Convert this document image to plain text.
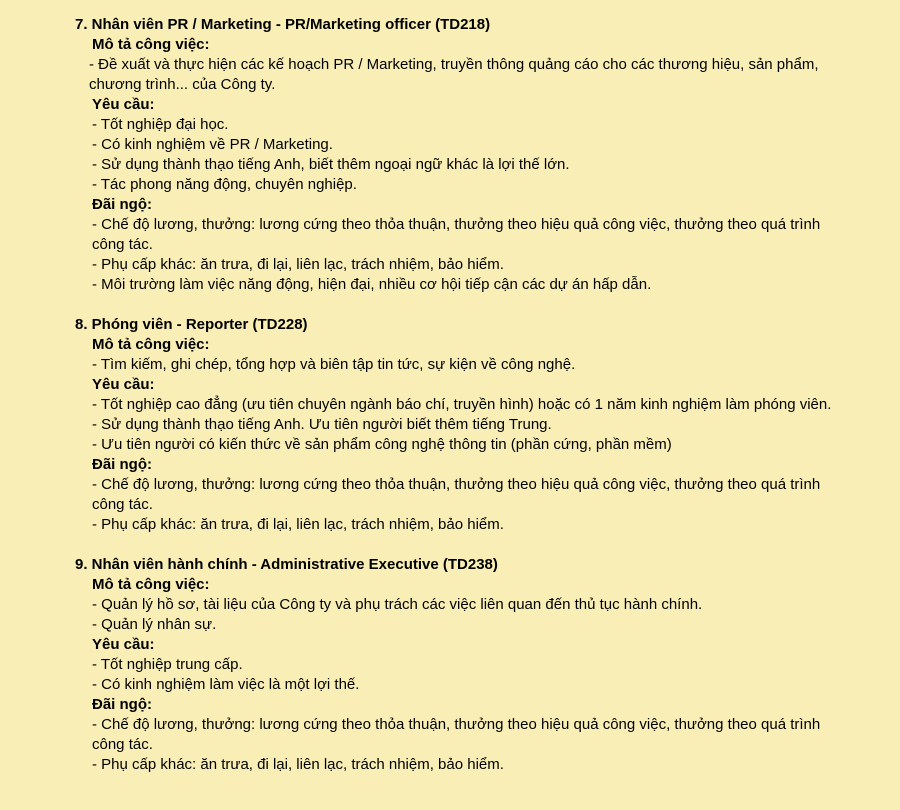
7. Nhân viên PR / Marketing - PR/Marketing officer (TD218)
Mô tả công việc:
- Đề xuất và thực hiện các kế hoạch PR / Marketing, truyền thông quảng cáo cho các thương hiệu, sản phẩm, chương trình... của Công ty.
Yêu cầu:
- Tốt nghiệp đại học.
- Có kinh nghiệm về PR / Marketing.
- Sử dụng thành thạo tiếng Anh, biết thêm ngoại ngữ khác là lợi thế lớn.
- Tác phong năng động, chuyên nghiệp.
Đãi ngộ:
- Chế độ lương, thưởng: lương cứng theo thỏa thuận, thưởng theo hiệu quả công việc, thưởng theo quá trình công tác.
- Phụ cấp khác: ăn trưa, đi lại, liên lạc, trách nhiệm, bảo hiểm.
- Môi trường làm việc năng động, hiện đại, nhiều cơ hội tiếp cận các dự án hấp dẫn.
8. Phóng viên - Reporter (TD228)
Mô tả công việc:
- Tìm kiếm, ghi chép, tổng hợp và biên tập tin tức, sự kiện về công nghệ.
Yêu cầu:
- Tốt nghiệp cao đẳng (ưu tiên chuyên ngành báo chí, truyền hình) hoặc có 1 năm kinh nghiệm làm phóng viên.
- Sử dụng thành thạo tiếng Anh. Ưu tiên người biết thêm tiếng Trung.
- Ưu tiên người có kiến thức về sản phẩm công nghệ thông tin (phần cứng, phần mềm)
Đãi ngộ:
- Chế độ lương, thưởng: lương cứng theo thỏa thuận, thưởng theo hiệu quả công việc, thưởng theo quá trình công tác.
- Phụ cấp khác: ăn trưa, đi lại, liên lạc, trách nhiệm, bảo hiểm.
9. Nhân viên hành chính - Administrative Executive (TD238)
Mô tả công việc:
- Quản lý hồ sơ, tài liệu của Công ty và phụ trách các việc liên quan đến thủ tục hành chính.
- Quản lý nhân sự.
Yêu cầu:
- Tốt nghiệp trung cấp.
- Có kinh nghiệm làm việc là một lợi thế.
Đãi ngộ:
- Chế độ lương, thưởng: lương cứng theo thỏa thuận, thưởng theo hiệu quả công việc, thưởng theo quá trình công tác.
- Phụ cấp khác: ăn trưa, đi lại, liên lạc, trách nhiệm, bảo hiểm.
